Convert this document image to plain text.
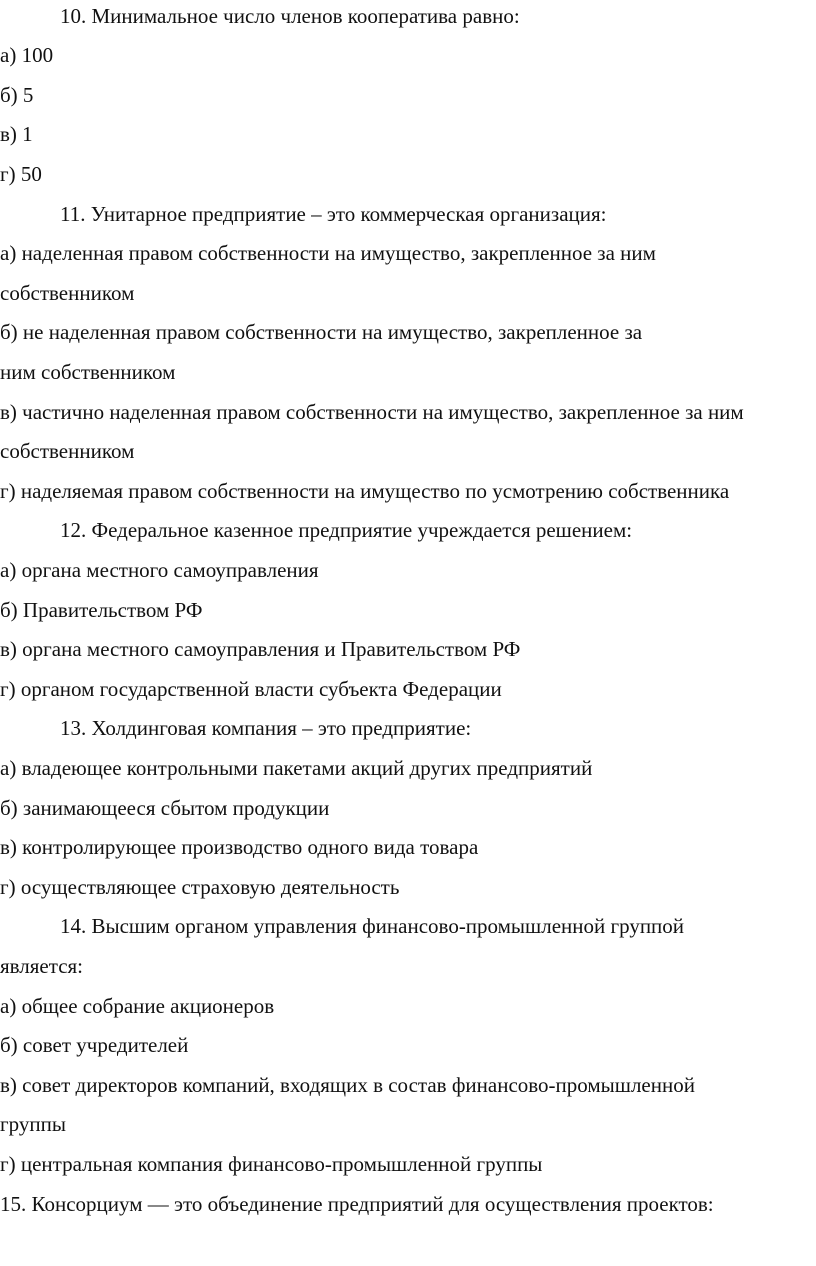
10. Минимальное число членов кооператива равно:
а) 100
б) 5
в) 1
г) 50
11. Унитарное предприятие – это коммерческая организация:
а) наделенная правом собственности на имущество, закрепленное за ним
собственником
б) не наделенная правом собственности на имущество, закрепленное за
ним собственником
в) частично наделенная правом собственности на имущество, закрепленное за ним
собственником
г) наделяемая правом собственности на имущество по усмотрению собственника
12. Федеральное казенное предприятие учреждается решением:
а) органа местного самоуправления
б) Правительством РФ
в) органа местного самоуправления и Правительством РФ
г) органом государственной власти субъекта Федерации
13. Холдинговая компания – это предприятие:
а) владеющее контрольными пакетами акций других предприятий
б) занимающееся сбытом продукции
в) контролирующее производство одного вида товара
г) осуществляющее страховую деятельность
14. Высшим органом управления финансово-промышленной группой
является:
а) общее собрание акционеров
б) совет учредителей
в) совет директоров компаний, входящих в состав финансово-промышленной
группы
г) центральная компания финансово-промышленной группы
15. Консорциум — это объединение предприятий для осуществления проектов:
